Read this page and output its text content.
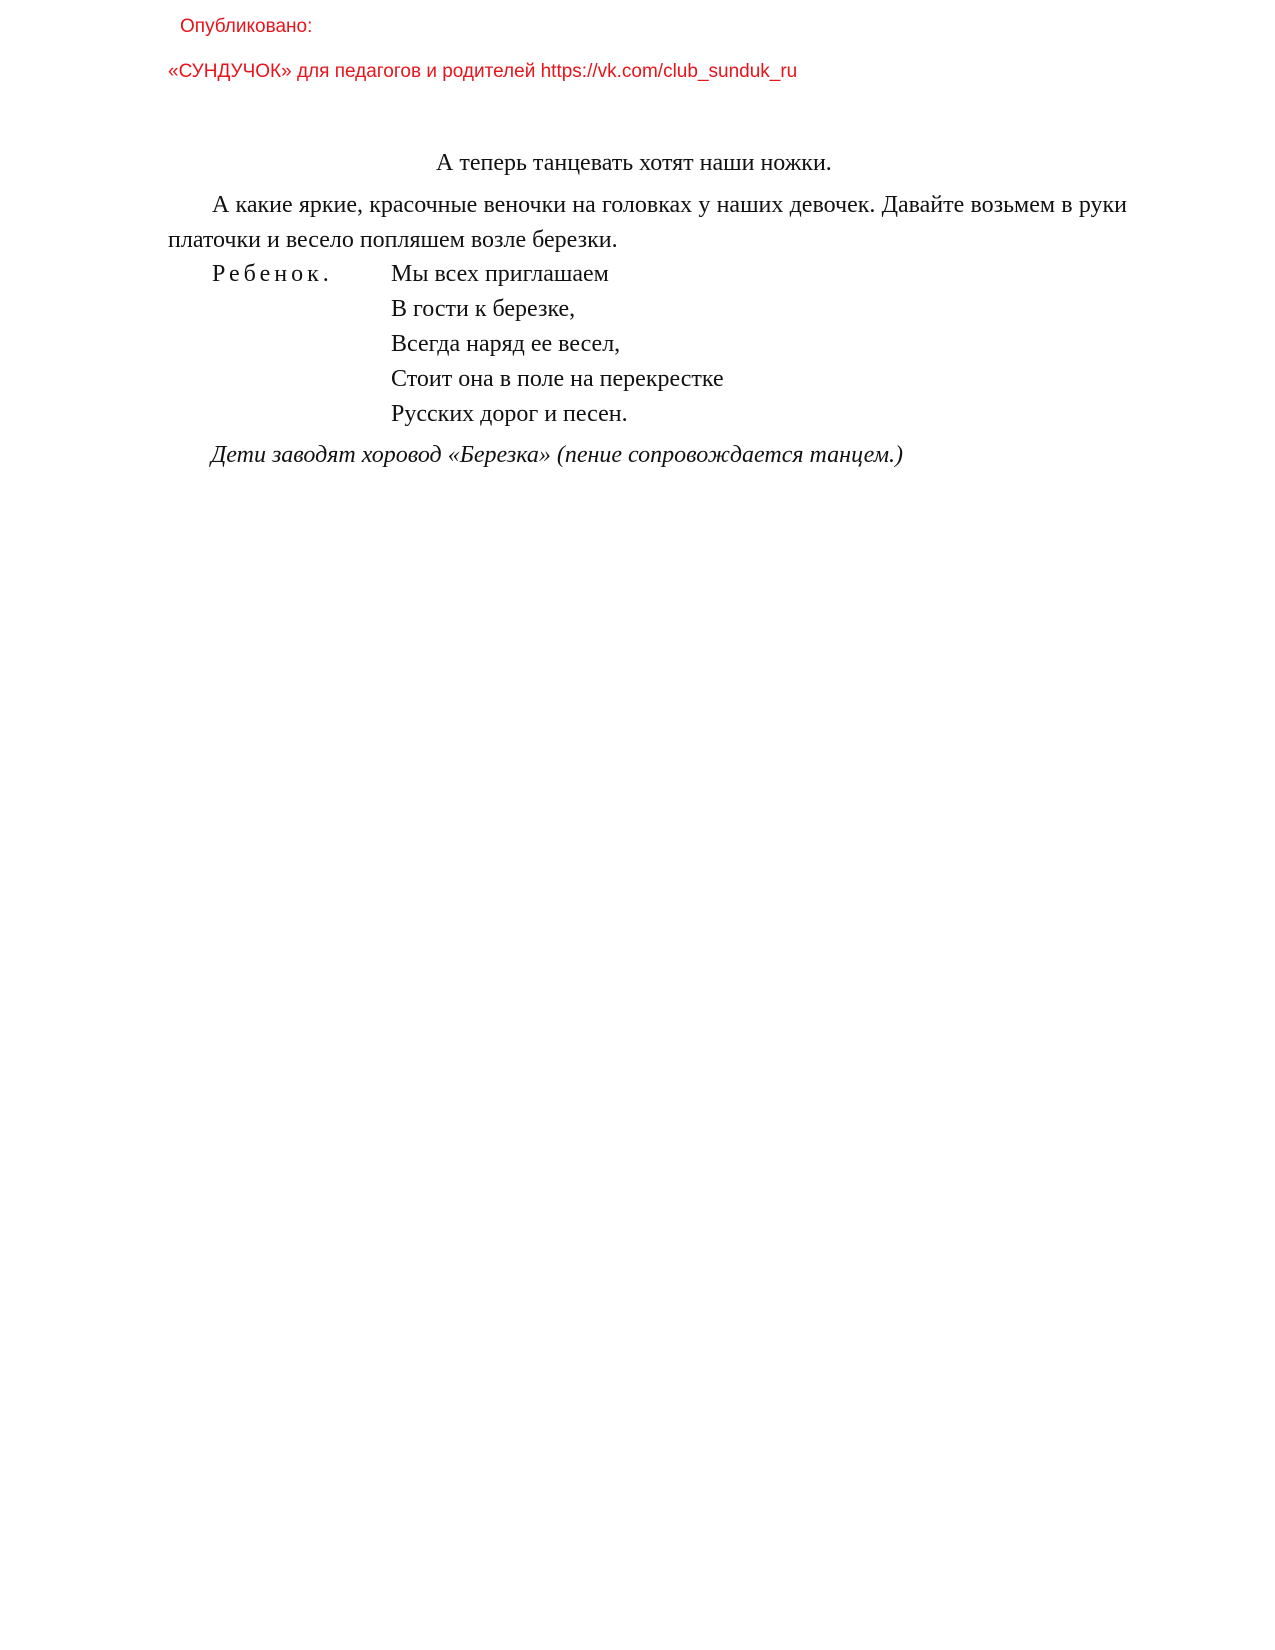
Опубликовано:
«СУНДУЧОК» для педагогов и родителей https://vk.com/club_sunduk_ru
А теперь танцевать хотят наши ножки.
А какие яркие, красочные веночки на головках у наших девочек. Давайте возьмем в руки платочки и весело попляшем возле березки.
Ребенок. Мы всех приглашаем
В гости к березке,
Всегда наряд ее весел,
Стоит она в поле на перекрестке
Русских дорог и песен.
Дети заводят хоровод «Березка» (пение сопровождается танцем.)
